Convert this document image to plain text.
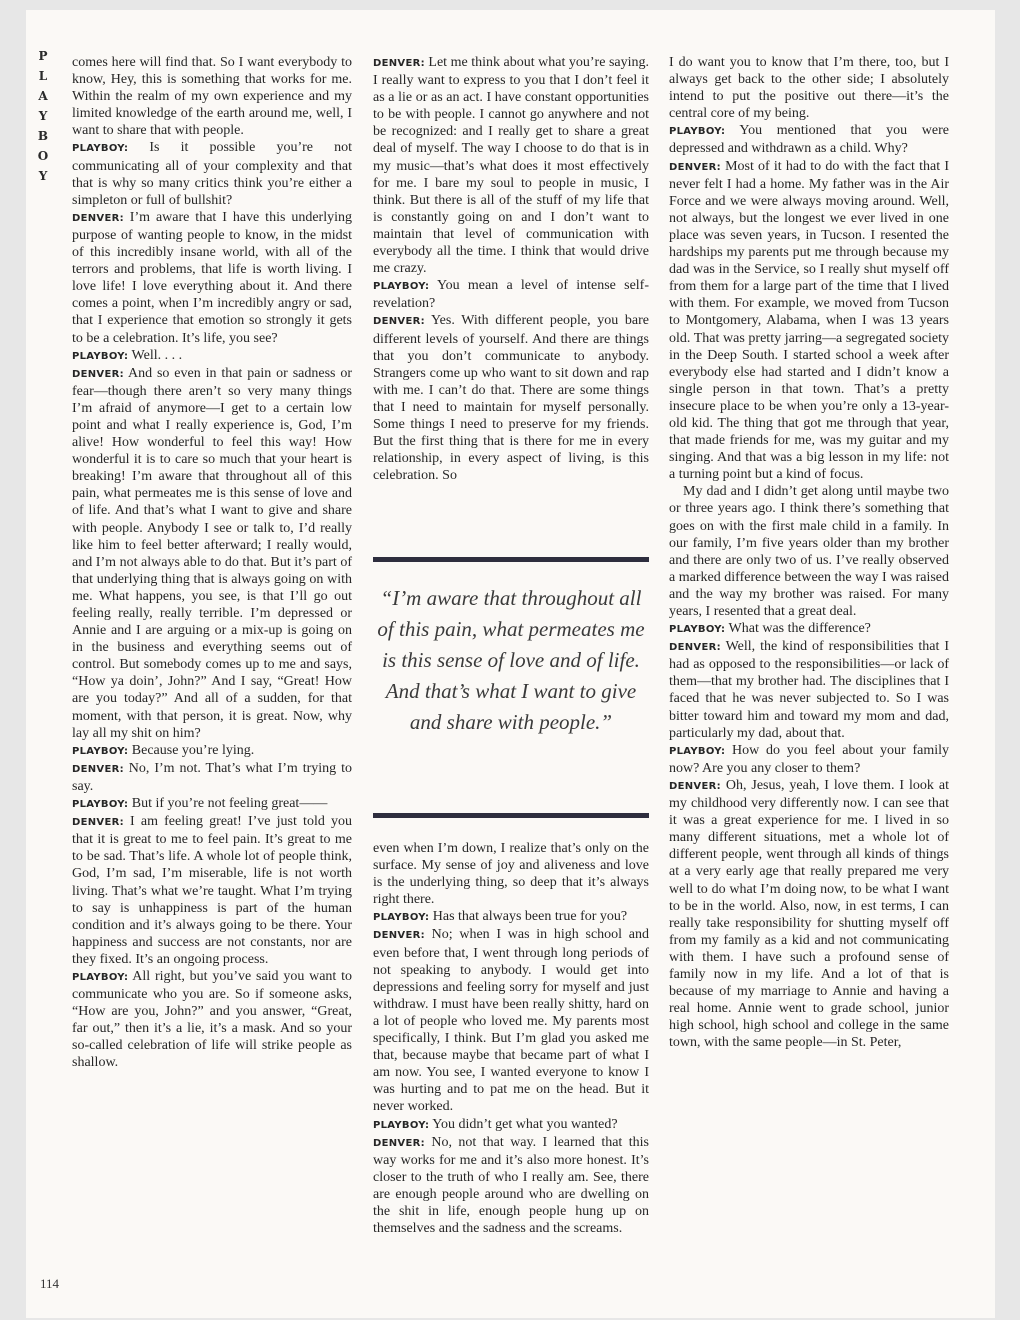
P
L
A
Y
B
O
Y

comes here will find that. So I want everybody to know, Hey, this is something that works for me. Within the realm of my own experience and my limited knowledge of the earth around me, well, I want to share that with people.

PLAYBOY: Is it possible you’re not communicating all of your complexity and that that is why so many critics think you’re either a simpleton or full of bullshit?

DENVER: I’m aware that I have this underlying purpose of wanting people to know, in the midst of this incredibly insane world, with all of the terrors and problems, that life is worth living. I love life! I love everything about it. And there comes a point, when I’m incredibly angry or sad, that I experience that emotion so strongly it gets to be a celebration. It’s life, you see?

PLAYBOY: Well. . . .

DENVER: And so even in that pain or sadness or fear—though there aren’t so very many things I’m afraid of anymore—I get to a certain low point and what I really experience is, God, I’m alive! How wonderful to feel this way! How wonderful it is to care so much that your heart is breaking! I’m aware that throughout all of this pain, what permeates me is this sense of love and of life. And that’s what I want to give and share with people. Anybody I see or talk to, I’d really like him to feel better afterward; I really would, and I’m not always able to do that. But it’s part of that underlying thing that is always going on with me. What happens, you see, is that I’ll go out feeling really, really terrible. I’m depressed or Annie and I are arguing or a mix-up is going on in the business and everything seems out of control. But somebody comes up to me and says, “How ya doin’, John?” And I say, “Great! How are you today?” And all of a sudden, for that moment, with that person, it is great. Now, why lay all my shit on him?

PLAYBOY: Because you’re lying.

DENVER: No, I’m not. That’s what I’m trying to say.

PLAYBOY: But if you’re not feeling great——

DENVER: I am feeling great! I’ve just told you that it is great to me to feel pain. It’s great to me to be sad. That’s life. A whole lot of people think, God, I’m sad, I’m miserable, life is not worth living. That’s what we’re taught. What I’m trying to say is unhappiness is part of the human condition and it’s always going to be there. Your happiness and success are not constants, nor are they fixed. It’s an ongoing process.

PLAYBOY: All right, but you’ve said you want to communicate who you are. So if someone asks, “How are you, John?” and you answer, “Great, far out,” then it’s a lie, it’s a mask. And so your so-called celebration of life will strike people as shallow.

DENVER: Let me think about what you’re saying. I really want to express to you that I don’t feel it as a lie or as an act. I have constant opportunities to be with people. I cannot go anywhere and not be recognized: and I really get to share a great deal of myself. The way I choose to do that is in my music—that’s what does it most effectively for me. I bare my soul to people in music, I think. But there is all of the stuff of my life that is constantly going on and I don’t want to maintain that level of communication with everybody all the time. I think that would drive me crazy.

PLAYBOY: You mean a level of intense self-revelation?

DENVER: Yes. With different people, you bare different levels of yourself. And there are things that you don’t communicate to anybody. Strangers come up who want to sit down and rap with me. I can’t do that. There are some things that I need to maintain for myself personally. Some things I need to preserve for my friends. But the first thing that is there for me in every relationship, in every aspect of living, is this celebration. So

“I’m aware that throughout all of this pain, what permeates me is this sense of love and of life. And that’s what I want to give and share with people.”

even when I’m down, I realize that’s only on the surface. My sense of joy and aliveness and love is the underlying thing, so deep that it’s always right there.

PLAYBOY: Has that always been true for you?

DENVER: No; when I was in high school and even before that, I went through long periods of not speaking to anybody. I would get into depressions and feeling sorry for myself and just withdraw. I must have been really shitty, hard on a lot of people who loved me. My parents most specifically, I think. But I’m glad you asked me that, because maybe that became part of what I am now. You see, I wanted everyone to know I was hurting and to pat me on the head. But it never worked.

PLAYBOY: You didn’t get what you wanted?

DENVER: No, not that way. I learned that this way works for me and it’s also more honest. It’s closer to the truth of who I really am. See, there are enough people around who are dwelling on the shit in life, enough people hung up on themselves and the sadness and the screams.

I do want you to know that I’m there, too, but I always get back to the other side; I absolutely intend to put the positive out there—it’s the central core of my being.

PLAYBOY: You mentioned that you were depressed and withdrawn as a child. Why?

DENVER: Most of it had to do with the fact that I never felt I had a home. My father was in the Air Force and we were always moving around. Well, not always, but the longest we ever lived in one place was seven years, in Tucson. I resented the hardships my parents put me through because my dad was in the Service, so I really shut myself off from them for a large part of the time that I lived with them. For example, we moved from Tucson to Montgomery, Alabama, when I was 13 years old. That was pretty jarring—a segregated society in the Deep South. I started school a week after everybody else had started and I didn’t know a single person in that town. That’s a pretty insecure place to be when you’re only a 13-year-old kid. The thing that got me through that year, that made friends for me, was my guitar and my singing. And that was a big lesson in my life: not a turning point but a kind of focus.

My dad and I didn’t get along until maybe two or three years ago. I think there’s something that goes on with the first male child in a family. In our family, I’m five years older than my brother and there are only two of us. I’ve really observed a marked difference between the way I was raised and the way my brother was raised. For many years, I resented that a great deal.

PLAYBOY: What was the difference?

DENVER: Well, the kind of responsibilities that I had as opposed to the responsibilities—or lack of them—that my brother had. The disciplines that I faced that he was never subjected to. So I was bitter toward him and toward my mom and dad, particularly my dad, about that.

PLAYBOY: How do you feel about your family now? Are you any closer to them?

DENVER: Oh, Jesus, yeah, I love them. I look at my childhood very differently now. I can see that it was a great experience for me. I lived in so many different situations, met a whole lot of different people, went through all kinds of things at a very early age that really prepared me very well to do what I’m doing now, to be what I want to be in the world. Also, now, in est terms, I can really take responsibility for shutting myself off from my family as a kid and not communicating with them. I have such a profound sense of family now in my life. And a lot of that is because of my marriage to Annie and having a real home. Annie went to grade school, junior high school, high school and college in the same town, with the same people—in St. Peter,

114
